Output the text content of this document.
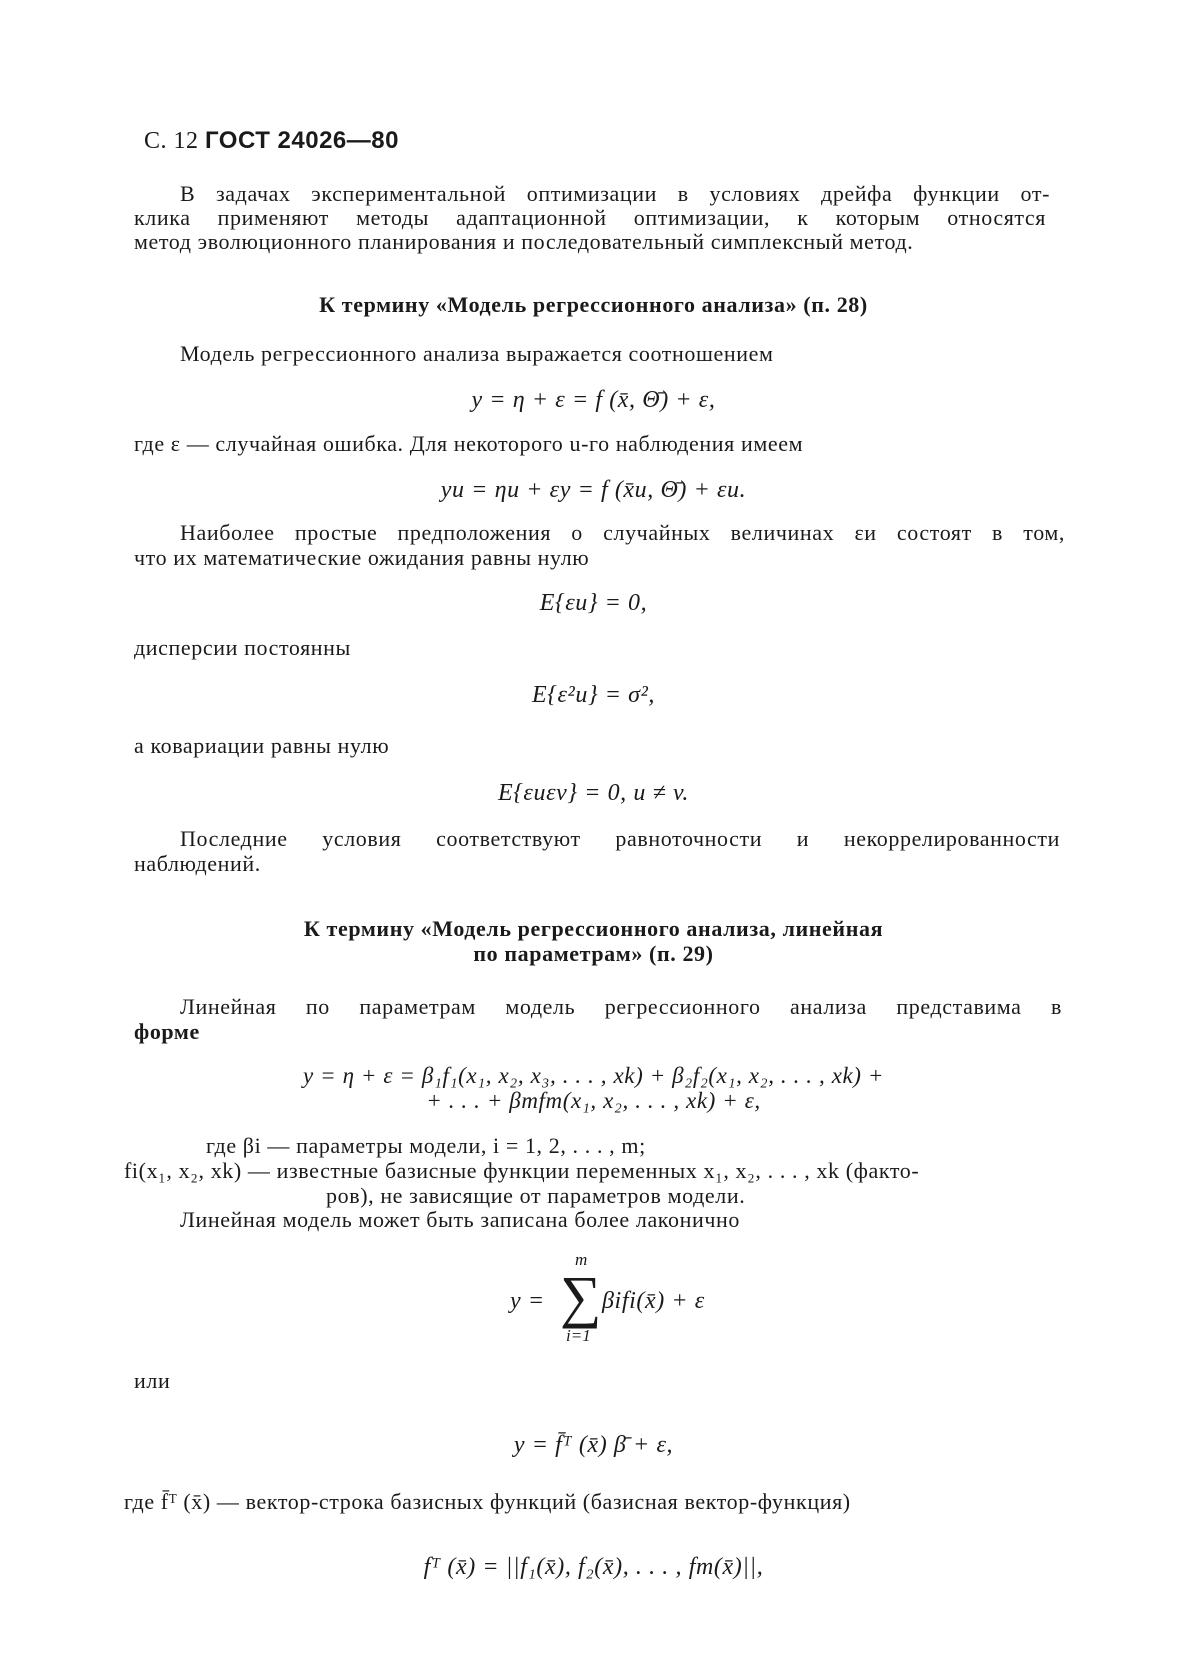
С. 12 ГОСТ 24026—80

В задачах экспериментальной оптимизации в условиях дрейфа функции от-

клика применяют методы адаптационной оптимизации, к которым относятся

метод эволюционного планирования и последовательный симплексный метод.

К термину «Модель регрессионного анализа» (п. 28)

Модель регрессионного анализа выражается соотношением

y = η + ε = f (x̄, Θ̄) + ε,

где ε — случайная ошибка. Для некоторого u-го наблюдения имеем

yи = ηи + εу = f (x̄и, Θ̄) + εи.

Наиболее простые предположения о случайных величинах εи состоят в том,

что их математические ожидания равны нулю

E{εи} = 0,

дисперсии постоянны

E{ε²и} = σ²,

а ковариации равны нулю

E{εиεv} = 0, u ≠ v.

Последние условия соответствуют равноточности и некоррелированности

наблюдений.

К термину «Модель регрессионного анализа, линейная

по параметрам» (п. 29)

Линейная по параметрам модель регрессионного анализа представима в

форме

y = η + ε = β₁f₁(x₁, x₂, x₃, . . . , xk) + β₂f₂(x₁, x₂, . . . , xk) +

+ . . . + βmfm(x₁, x₂, . . . , xk) + ε,

где βi — параметры модели, i = 1, 2, . . . , m;

fi(x₁, x₂, xk) — известные базисные функции переменных x₁, x₂, . . . , xk (факто-

ров), не зависящие от параметров модели.

Линейная модель может быть записана более лаконично

y =
m
∑
i=1
βifi(x̄) + ε

или

y = f̄ᵀ (x̄) β̄ + ε,

где f̄ᵀ (x̄) — вектор-строка базисных функций (базисная вектор-функция)

fᵀ (x̄) = ||f₁(x̄), f₂(x̄), . . . , fm(x̄)||,
